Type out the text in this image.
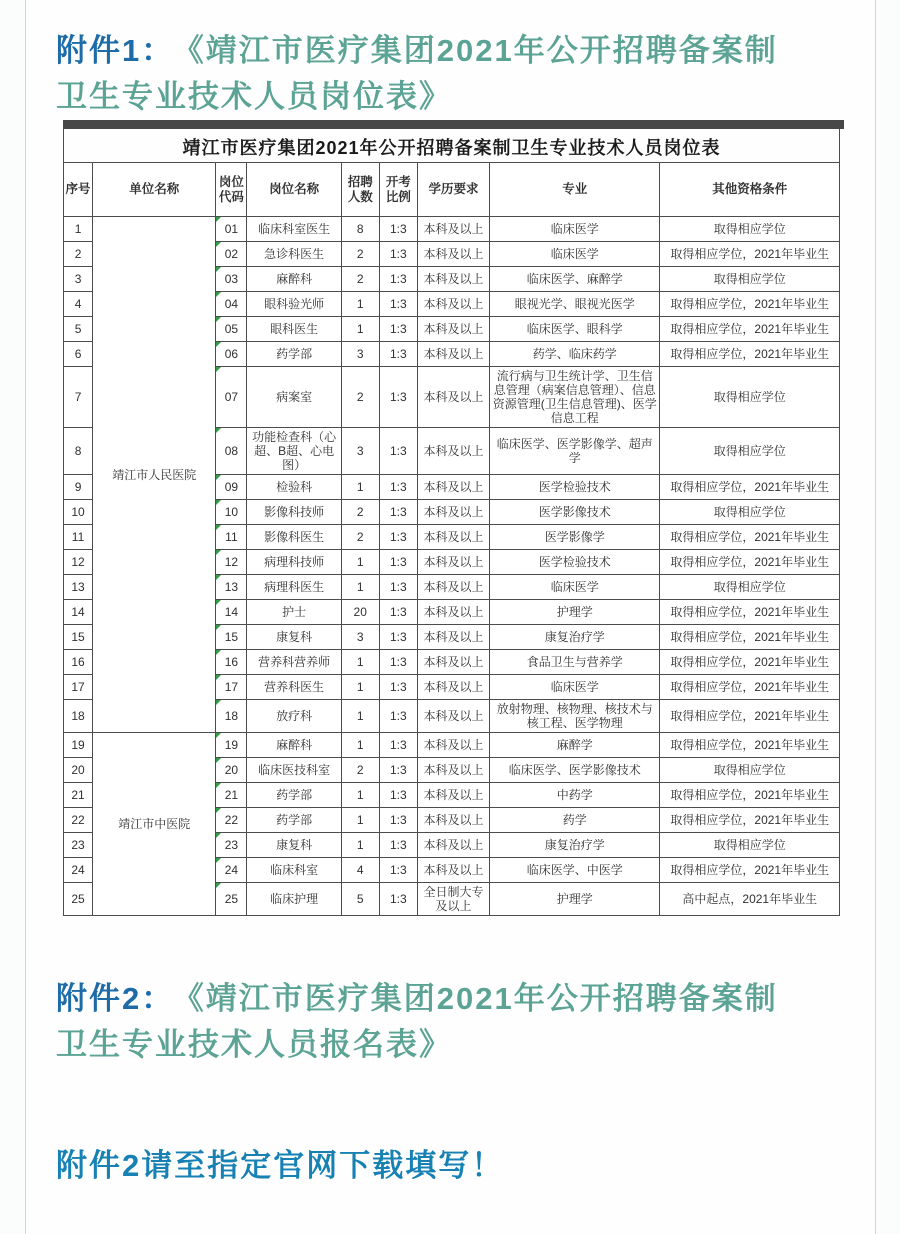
附件1： 《靖江市医疗集团2021年公开招聘备案制
卫生专业技术人员岗位表》
靖江市医疗集团2021年公开招聘备案制卫生专业技术人员岗位表
序号	单位名称	岗位代码	岗位名称	招聘人数	开考比例	学历要求	专业	其他资格条件
1	靖江市人民医院	01	临床科室医生	8	1:3	本科及以上	临床医学	取得相应学位
2		02	急诊科医生	2	1:3	本科及以上	临床医学	取得相应学位，2021年毕业生
3		03	麻醉科	2	1:3	本科及以上	临床医学、麻醉学	取得相应学位
4		04	眼科验光师	1	1:3	本科及以上	眼视光学、眼视光医学	取得相应学位，2021年毕业生
5		05	眼科医生	1	1:3	本科及以上	临床医学、眼科学	取得相应学位，2021年毕业生
6		06	药学部	3	1:3	本科及以上	药学、临床药学	取得相应学位，2021年毕业生
7		07	病案室	2	1:3	本科及以上	流行病与卫生统计学、卫生信息管理（病案信息管理）、信息资源管理(卫生信息管理)、医学信息工程	取得相应学位
8		08	功能检查科（心超、B超、心电图）	3	1:3	本科及以上	临床医学、医学影像学、超声学	取得相应学位
9		09	检验科	1	1:3	本科及以上	医学检验技术	取得相应学位，2021年毕业生
10		10	影像科技师	2	1:3	本科及以上	医学影像技术	取得相应学位
11		11	影像科医生	2	1:3	本科及以上	医学影像学	取得相应学位，2021年毕业生
12		12	病理科技师	1	1:3	本科及以上	医学检验技术	取得相应学位，2021年毕业生
13		13	病理科医生	1	1:3	本科及以上	临床医学	取得相应学位
14		14	护士	20	1:3	本科及以上	护理学	取得相应学位，2021年毕业生
15		15	康复科	3	1:3	本科及以上	康复治疗学	取得相应学位，2021年毕业生
16		16	营养科营养师	1	1:3	本科及以上	食品卫生与营养学	取得相应学位，2021年毕业生
17		17	营养科医生	1	1:3	本科及以上	临床医学	取得相应学位，2021年毕业生
18		18	放疗科	1	1:3	本科及以上	放射物理、核物理、核技术与核工程、医学物理	取得相应学位，2021年毕业生
19	靖江市中医院	19	麻醉科	1	1:3	本科及以上	麻醉学	取得相应学位，2021年毕业生
20		20	临床医技科室	2	1:3	本科及以上	临床医学、医学影像技术	取得相应学位
21		21	药学部	1	1:3	本科及以上	中药学	取得相应学位，2021年毕业生
22		22	药学部	1	1:3	本科及以上	药学	取得相应学位，2021年毕业生
23		23	康复科	1	1:3	本科及以上	康复治疗学	取得相应学位
24		24	临床科室	4	1:3	本科及以上	临床医学、中医学	取得相应学位，2021年毕业生
25		25	临床护理	5	1:3	全日制大专及以上	护理学	高中起点，2021年毕业生
附件2： 《靖江市医疗集团2021年公开招聘备案制
卫生专业技术人员报名表》

附件2请至指定官网下载填写！
